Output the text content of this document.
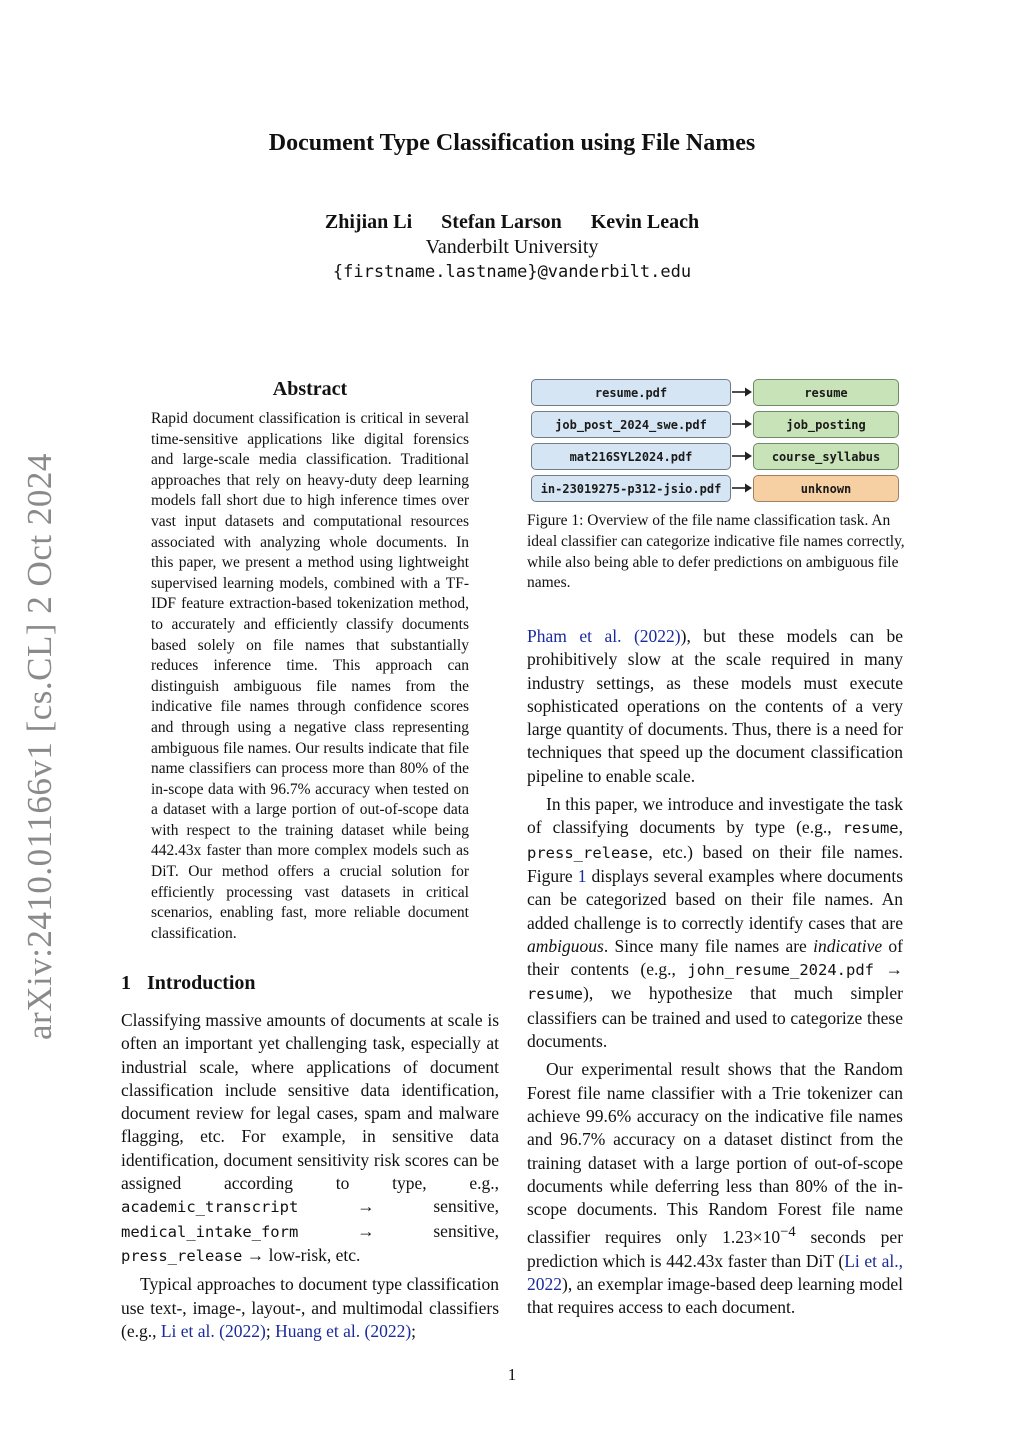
Document Type Classification using File Names
Zhijian Li Stefan Larson Kevin Leach
Vanderbilt University
{firstname.lastname}@vanderbilt.edu
arXiv:2410.01166v1 [cs.CL] 2 Oct 2024
Abstract

Rapid document classification is critical in several time-sensitive applications like digital forensics and large-scale media classification. Traditional approaches that rely on heavy-duty deep learning models fall short due to high inference times over vast input datasets and computational resources associated with analyzing whole documents. In this paper, we present a method using lightweight supervised learning models, combined with a TF-IDF feature extraction-based tokenization method, to accurately and efficiently classify documents based solely on file names that substantially reduces inference time. This approach can distinguish ambiguous file names from the indicative file names through confidence scores and through using a negative class representing ambiguous file names. Our results indicate that file name classifiers can process more than 80% of the in-scope data with 96.7% accuracy when tested on a dataset with a large portion of out-of-scope data with respect to the training dataset while being 442.43x faster than more complex models such as DiT. Our method offers a crucial solution for efficiently processing vast datasets in critical scenarios, enabling fast, more reliable document classification.

1 Introduction

Classifying massive amounts of documents at scale is often an important yet challenging task, especially at industrial scale, where applications of document classification include sensitive data identification, document review for legal cases, spam and malware flagging, etc. For example, in sensitive data identification, document sensitivity risk scores can be assigned according to type, e.g., academic_transcript	→ sensitive, medical_intake_form	→ sensitive, press_release → low-risk, etc.

Typical approaches to document type classification use text-, image-, layout-, and multimodal classifiers (e.g., Li et al. (2022); Huang et al. (2022);

resume.pdf	resume
job_post_2024_swe.pdf	job_posting
mat216SYL2024.pdf	course_syllabus
in-23019275-p312-jsio.pdf	unknown
Figure 1: Overview of the file name classification task. An ideal classifier can categorize indicative file names correctly, while also being able to defer predictions on ambiguous file names.

Pham et al. (2022)), but these models can be prohibitively slow at the scale required in many industry settings, as these models must execute sophisticated operations on the contents of a very large quantity of documents. Thus, there is a need for techniques that speed up the document classification pipeline to enable scale.

In this paper, we introduce and investigate the task of classifying documents by type (e.g., resume, press_release, etc.) based on their file names. Figure 1 displays several examples where documents can be categorized based on their file names. An added challenge is to correctly identify cases that are ambiguous. Since many file names are indicative of their contents (e.g., john_resume_2024.pdf → resume), we hypothesize that much simpler classifiers can be trained and used to categorize these documents.

Our experimental result shows that the Random Forest file name classifier with a Trie tokenizer can achieve 99.6% accuracy on the indicative file names and 96.7% accuracy on a dataset distinct from the training dataset with a large portion of out-of-scope documents while deferring less than 80% of the in-scope documents. This Random Forest file name classifier requires only $1.23\times 10^{-4}$ seconds per prediction which is 442.43x faster than DiT (Li et al., 2022), an exemplar image-based deep learning model that requires access to each document.

1
